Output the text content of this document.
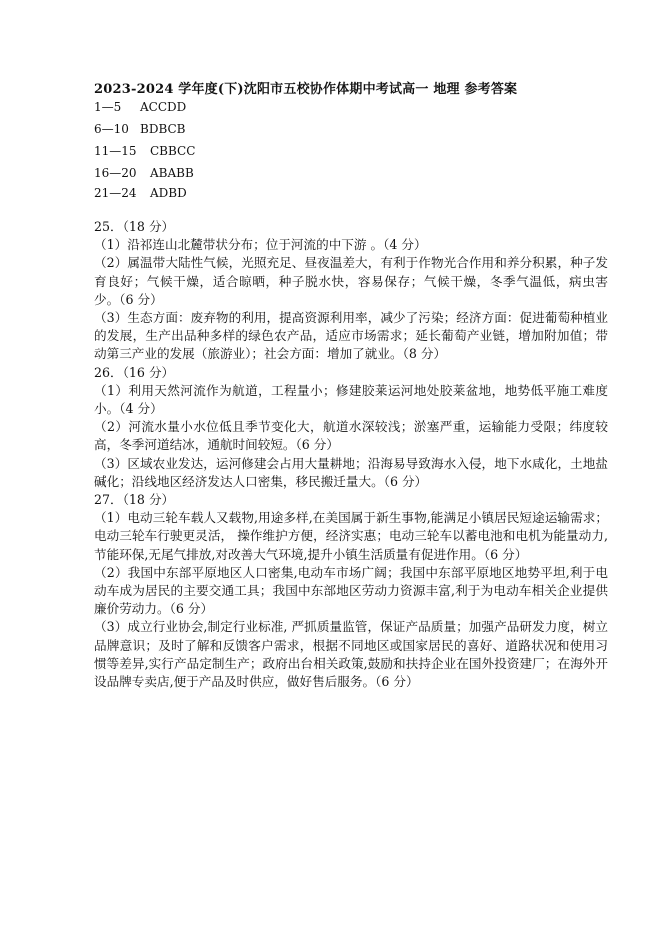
2023-2024 学年度(下)沈阳市五校协作体期中考试高一 地理 参考答案
1—5 ACCDD
6—10 BDBCB
11—15 CBBCC
16—20 ABABB
21—24 ADBD

25．（18 分）

（1）沿祁连山北麓带状分布；位于河流的中下游 。（4 分）

（2）属温带大陆性气候，光照充足、昼夜温差大，有利于作物光合作用和养分积累，种子发育良好；气候干燥，适合晾晒，种子脱水快，容易保存；气候干燥，冬季气温低，病虫害少。（6 分）

（3）生态方面：废弃物的利用，提高资源利用率，减少了污染；经济方面：促进葡萄种植业的发展，生产出品种多样的绿色农产品，适应市场需求；延长葡萄产业链，增加附加值；带动第三产业的发展（旅游业）；社会方面：增加了就业。（8 分）

26．（16 分）

（1）利用天然河流作为航道，工程量小；修建胶莱运河地处胶莱盆地，地势低平施工难度小。（4 分）

（2）河流水量小水位低且季节变化大，航道水深较浅；淤塞严重，运输能力受限；纬度较高，冬季河道结冰，通航时间较短。（6 分）

（3）区域农业发达，运河修建会占用大量耕地；沿海易导致海水入侵，地下水咸化，土地盐碱化；沿线地区经济发达人口密集，移民搬迁量大。（6 分）

27．（18 分）

（1）电动三轮车载人又载物,用途多样,在美国属于新生事物,能满足小镇居民短途运输需求；电动三轮车行驶更灵活， 操作维护方便，经济实惠；电动三轮车以蓄电池和电机为能量动力,节能环保,无尾气排放,对改善大气环境,提升小镇生活质量有促进作用。（6 分）

（2）我国中东部平原地区人口密集,电动车市场广阔；我国中东部平原地区地势平坦,利于电动车成为居民的主要交通工具；我国中东部地区劳动力资源丰富,利于为电动车相关企业提供廉价劳动力。（6 分）

（3）成立行业协会,制定行业标准, 严抓质量监管，保证产品质量；加强产品研发力度，树立品牌意识；及时了解和反馈客户需求，根据不同地区或国家居民的喜好、道路状况和使用习惯等差异,实行产品定制生产；政府出台相关政策,鼓励和扶持企业在国外投资建厂；在海外开设品牌专卖店,便于产品及时供应，做好售后服务。（6 分）
